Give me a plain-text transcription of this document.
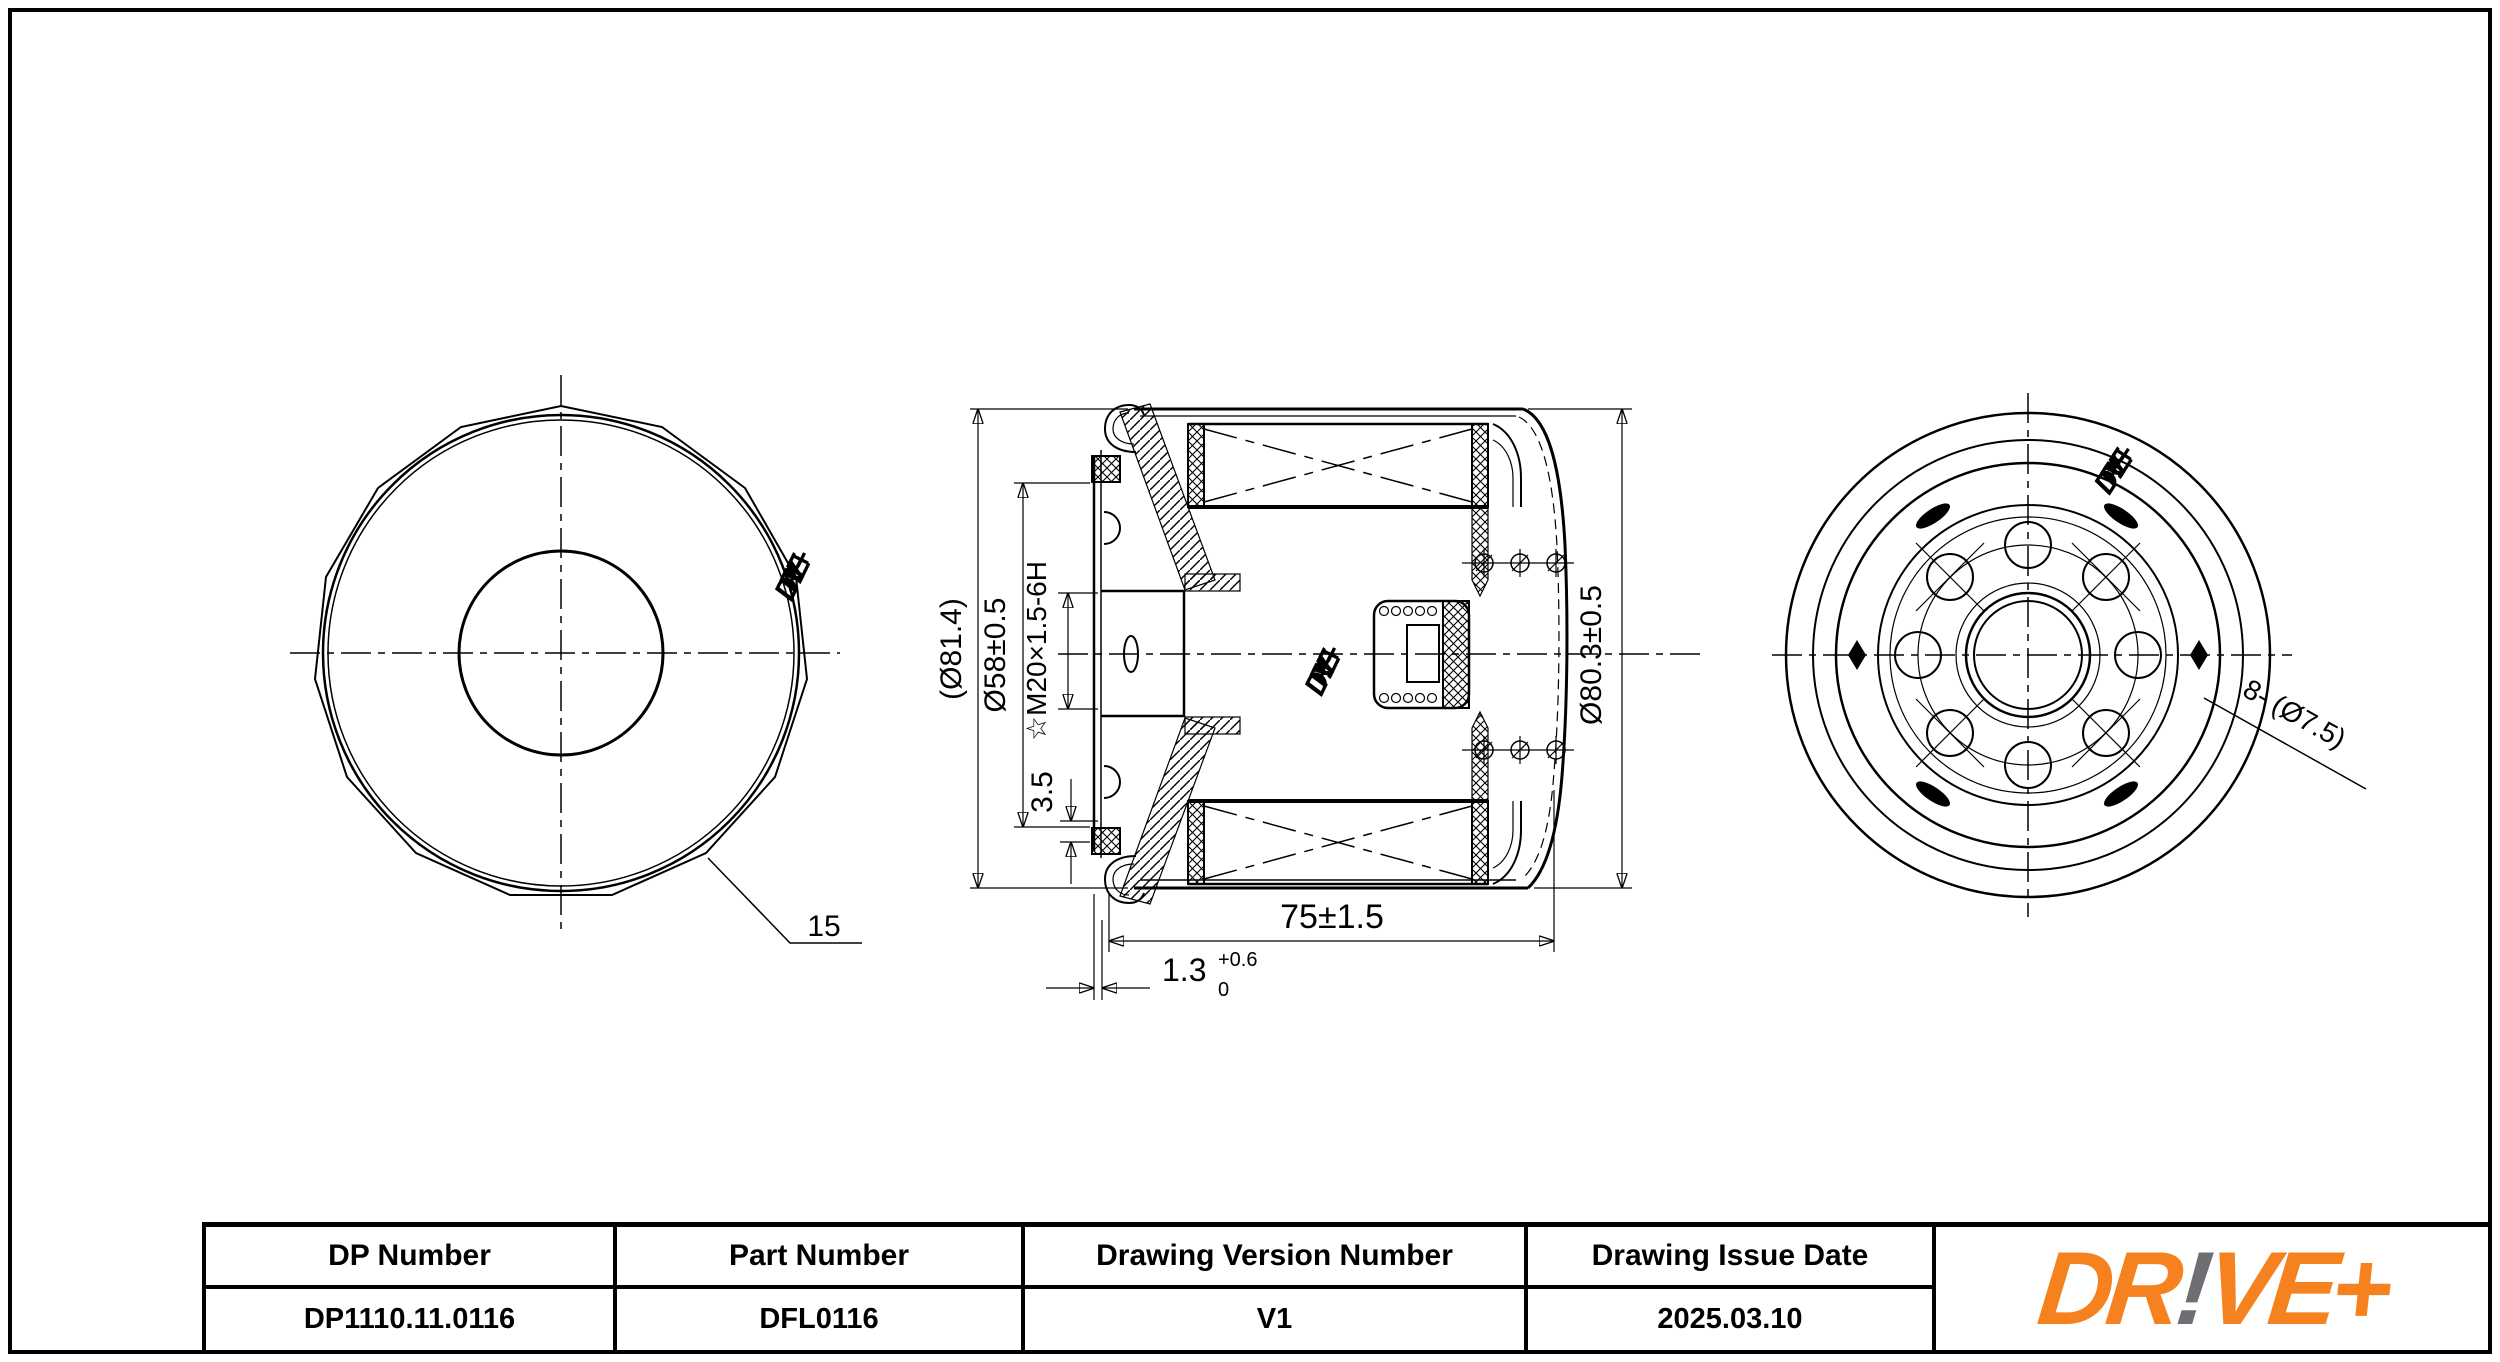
DR!VE+
DR!VE+
DR!VE+
15
(Ø81.4) Ø58±0.5 ☆M20×1.5-6H
3.5
75±1.5
1.3 +0.6
0
Ø80.3±0.5	8- (Ø7.5)
DP Number	Part Number	Drawing Version Number	Drawing Issue Date	DR!VE+
DP1110.11.0116	DFL0116	V1	2025.03.10
